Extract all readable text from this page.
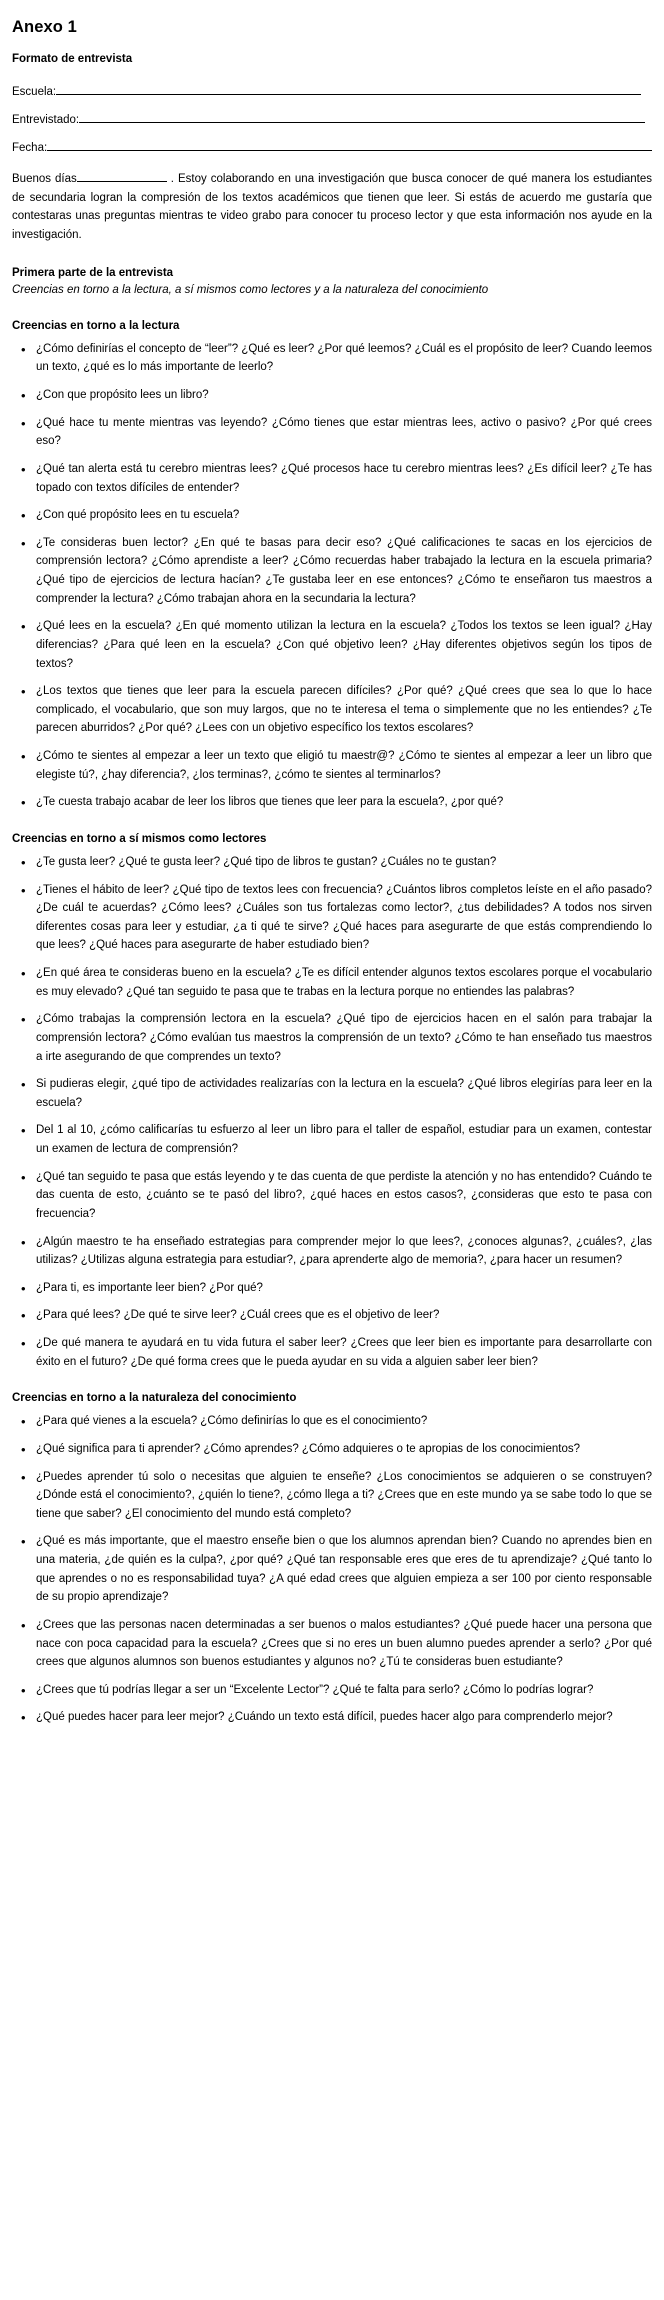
Anexo 1
Formato de entrevista
Escuela:
Entrevistado:
Fecha:

Buenos días	. Estoy colaborando en una investigación que busca conocer de qué manera los estudiantes de secundaria logran la compresión de los textos académicos que tienen que leer. Si estás de acuerdo me gustaría que contestaras unas preguntas mientras te video grabo para conocer tu proceso lector y que esta información nos ayude en la investigación.

Primera parte de la entrevista
Creencias en torno a la lectura, a sí mismos como lectores y a la naturaleza del conocimiento
Creencias en torno a la lectura
• ¿Cómo definirías el concepto de “leer”? ¿Qué es leer? ¿Por qué leemos? ¿Cuál es el propósito de leer? Cuando leemos un texto, ¿qué es lo más importante de leerlo?
• ¿Con que propósito lees un libro?
• ¿Qué hace tu mente mientras vas leyendo? ¿Cómo tienes que estar mientras lees, activo o pasivo? ¿Por qué crees eso?
• ¿Qué tan alerta está tu cerebro mientras lees? ¿Qué procesos hace tu cerebro mientras lees? ¿Es difícil leer? ¿Te has topado con textos difíciles de entender?
• ¿Con qué propósito lees en tu escuela?
• ¿Te consideras buen lector? ¿En qué te basas para decir eso? ¿Qué calificaciones te sacas en los ejercicios de comprensión lectora? ¿Cómo aprendiste a leer? ¿Cómo recuerdas haber trabajado la lectura en la escuela primaria? ¿Qué tipo de ejercicios de lectura hacían? ¿Te gustaba leer en ese entonces? ¿Cómo te enseñaron tus maestros a comprender la lectura? ¿Cómo trabajan ahora en la secundaria la lectura?
• ¿Qué lees en la escuela? ¿En qué momento utilizan la lectura en la escuela? ¿Todos los textos se leen igual? ¿Hay diferencias? ¿Para qué leen en la escuela? ¿Con qué objetivo leen? ¿Hay diferentes objetivos según los tipos de textos?
• ¿Los textos que tienes que leer para la escuela parecen difíciles? ¿Por qué? ¿Qué crees que sea lo que lo hace complicado, el vocabulario, que son muy largos, que no te interesa el tema o simplemente que no les entiendes? ¿Te parecen aburridos? ¿Por qué? ¿Lees con un objetivo específico los textos escolares?
• ¿Cómo te sientes al empezar a leer un texto que eligió tu maestr@? ¿Cómo te sientes al empezar a leer un libro que elegiste tú?, ¿hay diferencia?, ¿los terminas?, ¿cómo te sientes al terminarlos?
• ¿Te cuesta trabajo acabar de leer los libros que tienes que leer para la escuela?, ¿por qué?
Creencias en torno a sí mismos como lectores
• ¿Te gusta leer? ¿Qué te gusta leer? ¿Qué tipo de libros te gustan? ¿Cuáles no te gustan?
• ¿Tienes el hábito de leer? ¿Qué tipo de textos lees con frecuencia? ¿Cuántos libros completos leíste en el año pasado? ¿De cuál te acuerdas? ¿Cómo lees? ¿Cuáles son tus fortalezas como lector?, ¿tus debilidades? A todos nos sirven diferentes cosas para leer y estudiar, ¿a ti qué te sirve? ¿Qué haces para asegurarte de que estás comprendiendo lo que lees? ¿Qué haces para asegurarte de haber estudiado bien?
• ¿En qué área te consideras bueno en la escuela? ¿Te es difícil entender algunos textos escolares porque el vocabulario es muy elevado? ¿Qué tan seguido te pasa que te trabas en la lectura porque no entiendes las palabras?
• ¿Cómo trabajas la comprensión lectora en la escuela? ¿Qué tipo de ejercicios hacen en el salón para trabajar la comprensión lectora? ¿Cómo evalúan tus maestros la comprensión de un texto? ¿Cómo te han enseñado tus maestros a irte asegurando de que comprendes un texto?
• Si pudieras elegir, ¿qué tipo de actividades realizarías con la lectura en la escuela? ¿Qué libros elegirías para leer en la escuela?
• Del 1 al 10, ¿cómo calificarías tu esfuerzo al leer un libro para el taller de español, estudiar para un examen, contestar un examen de lectura de comprensión?
• ¿Qué tan seguido te pasa que estás leyendo y te das cuenta de que perdiste la atención y no has entendido? Cuándo te das cuenta de esto, ¿cuánto se te pasó del libro?, ¿qué haces en estos casos?, ¿consideras que esto te pasa con frecuencia?
• ¿Algún maestro te ha enseñado estrategias para comprender mejor lo que lees?, ¿conoces algunas?, ¿cuáles?, ¿las utilizas? ¿Utilizas alguna estrategia para estudiar?, ¿para aprenderte algo de memoria?, ¿para hacer un resumen?
• ¿Para ti, es importante leer bien? ¿Por qué?
• ¿Para qué lees? ¿De qué te sirve leer? ¿Cuál crees que es el objetivo de leer?
• ¿De qué manera te ayudará en tu vida futura el saber leer? ¿Crees que leer bien es importante para desarrollarte con éxito en el futuro? ¿De qué forma crees que le pueda ayudar en su vida a alguien saber leer bien?
Creencias en torno a la naturaleza del conocimiento
• ¿Para qué vienes a la escuela? ¿Cómo definirías lo que es el conocimiento?
• ¿Qué significa para ti aprender? ¿Cómo aprendes? ¿Cómo adquieres o te apropias de los conocimientos?
• ¿Puedes aprender tú solo o necesitas que alguien te enseñe? ¿Los conocimientos se adquieren o se construyen? ¿Dónde está el conocimiento?, ¿quién lo tiene?, ¿cómo llega a ti? ¿Crees que en este mundo ya se sabe todo lo que se tiene que saber? ¿El conocimiento del mundo está completo?
• ¿Qué es más importante, que el maestro enseñe bien o que los alumnos aprendan bien? Cuando no aprendes bien en una materia, ¿de quién es la culpa?, ¿por qué? ¿Qué tan responsable eres que eres de tu aprendizaje? ¿Qué tanto lo que aprendes o no es responsabilidad tuya? ¿A qué edad crees que alguien empieza a ser 100 por ciento responsable de su propio aprendizaje?
• ¿Crees que las personas nacen determinadas a ser buenos o malos estudiantes? ¿Qué puede hacer una persona que nace con poca capacidad para la escuela? ¿Crees que si no eres un buen alumno puedes aprender a serlo? ¿Por qué crees que algunos alumnos son buenos estudiantes y algunos no? ¿Tú te consideras buen estudiante?
• ¿Crees que tú podrías llegar a ser un “Excelente Lector”? ¿Qué te falta para serlo? ¿Cómo lo podrías lograr?
• ¿Qué puedes hacer para leer mejor? ¿Cuándo un texto está difícil, puedes hacer algo para comprenderlo mejor?
